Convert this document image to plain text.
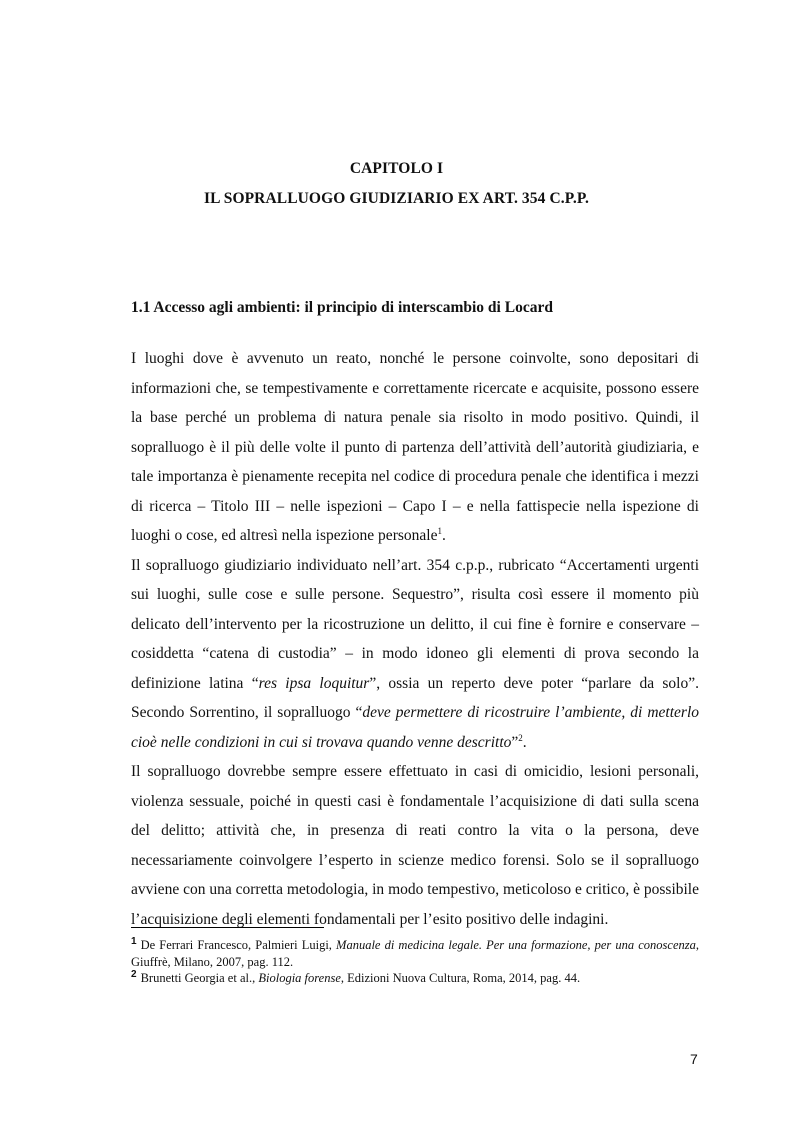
CAPITOLO I
IL SOPRALLUOGO GIUDIZIARIO EX ART. 354 C.P.P.
1.1 Accesso agli ambienti: il principio di interscambio di Locard

I luoghi dove è avvenuto un reato, nonché le persone coinvolte, sono depositari di informazioni che, se tempestivamente e correttamente ricercate e acquisite, possono essere la base perché un problema di natura penale sia risolto in modo positivo. Quindi, il sopralluogo è il più delle volte il punto di partenza dell’attività dell’autorità giudiziaria, e tale importanza è pienamente recepita nel codice di procedura penale che identifica i mezzi di ricerca – Titolo III – nelle ispezioni – Capo I – e nella fattispecie nella ispezione di luoghi o cose, ed altresì nella ispezione personale$^1$.

Il sopralluogo giudiziario individuato nell’art. 354 c.p.p., rubricato “Accertamenti urgenti sui luoghi, sulle cose e sulle persone. Sequestro”, risulta così essere il momento più delicato dell’intervento per la ricostruzione un delitto, il cui fine è fornire e conservare – cosiddetta “catena di custodia” – in modo idoneo gli elementi di prova secondo la definizione latina “res ipsa loquitur”, ossia un reperto deve poter “parlare da solo”. Secondo Sorrentino, il sopralluogo “deve permettere di ricostruire l’ambiente, di metterlo cioè nelle condizioni in cui si trovava quando venne descritto”$^2$.

Il sopralluogo dovrebbe sempre essere effettuato in casi di omicidio, lesioni personali, violenza sessuale, poiché in questi casi è fondamentale l’acquisizione di dati sulla scena del delitto; attività che, in presenza di reati contro la vita o la persona, deve necessariamente coinvolgere l’esperto in scienze medico forensi. Solo se il sopralluogo avviene con una corretta metodologia, in modo tempestivo, meticoloso e critico, è possibile l’acquisizione degli elementi fondamentali per l’esito positivo delle indagini.

$^1$ De Ferrari Francesco, Palmieri Luigi, Manuale di medicina legale. Per una formazione, per una conoscenza, Giuffrè, Milano, 2007, pag. 112.

$^2$ Brunetti Georgia et al., Biologia forense, Edizioni Nuova Cultura, Roma, 2014, pag. 44.

7
